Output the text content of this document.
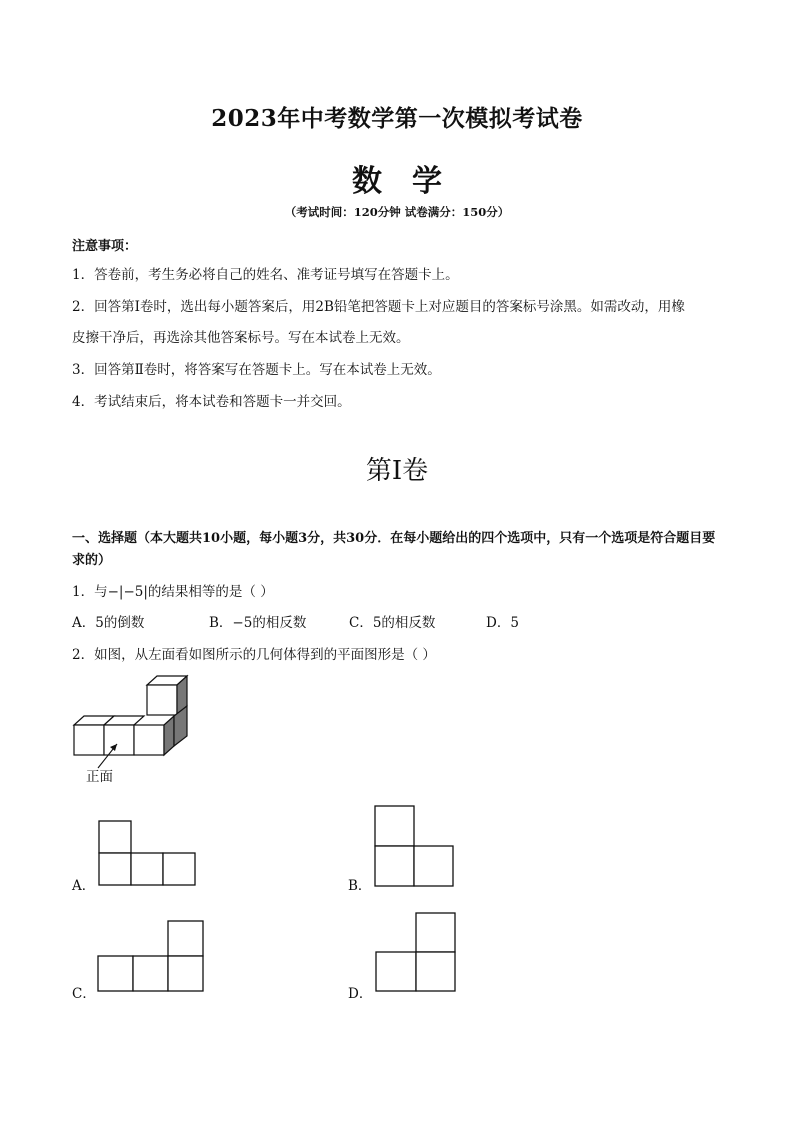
2023年中考数学第一次模拟考试卷
数学
（考试时间：120分钟 试卷满分：150分）
注意事项：
1．答卷前，考生务必将自己的姓名、准考证号填写在答题卡上。
2．回答第Ⅰ卷时，选出每小题答案后，用2B铅笔把答题卡上对应题目的答案标号涂黑。如需改动，用橡
皮擦干净后，再选涂其他答案标号。写在本试卷上无效。
3．回答第Ⅱ卷时，将答案写在答题卡上。写在本试卷上无效。
4．考试结束后，将本试卷和答题卡一并交回。
第Ⅰ卷
一、选择题（本大题共10小题，每小题3分，共30分．在每小题给出的四个选项中，只有一个选项是符合题目要求的）
1．与−|−5|的结果相等的是（ ）
A．5的倒数	B．−5的相反数	C．5的相反数	D．5
2．如图，从左面看如图所示的几何体得到的平面图形是（ ）
正面
A．	B．
C．	D．
